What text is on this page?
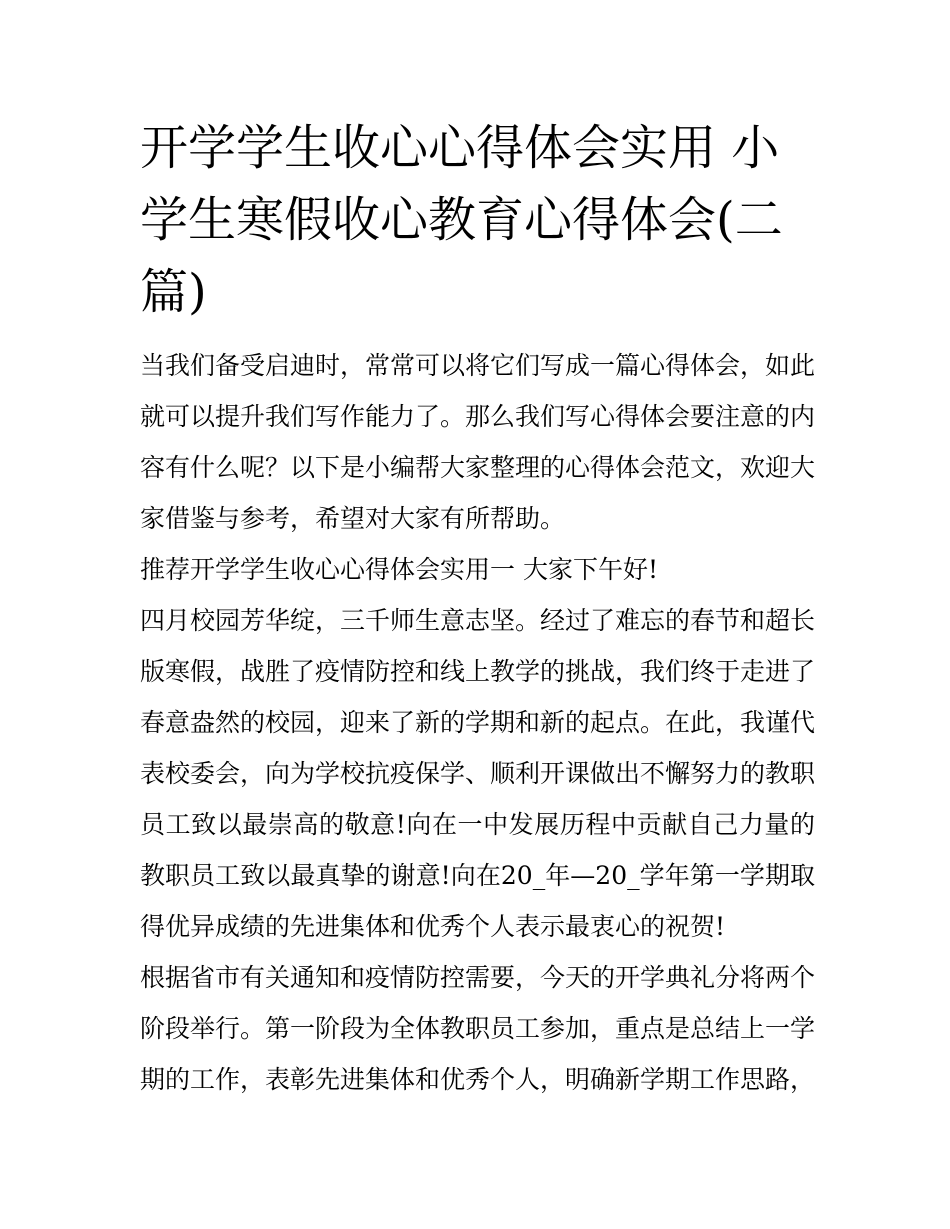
开学学生收心心得体会实用 小学生寒假收心教育心得体会(二篇)

当我们备受启迪时，常常可以将它们写成一篇心得体会，如此就可以提升我们写作能力了。那么我们写心得体会要注意的内容有什么呢？以下是小编帮大家整理的心得体会范文，欢迎大家借鉴与参考，希望对大家有所帮助。

推荐开学学生收心心得体会实用一 大家下午好!

四月校园芳华绽，三千师生意志坚。经过了难忘的春节和超长版寒假，战胜了疫情防控和线上教学的挑战，我们终于走进了春意盎然的校园，迎来了新的学期和新的起点。在此，我谨代表校委会，向为学校抗疫保学、顺利开课做出不懈努力的教职员工致以最崇高的敬意!向在一中发展历程中贡献自己力量的教职员工致以最真挚的谢意!向在20_年—20_学年第一学期取得优异成绩的先进集体和优秀个人表示最衷心的祝贺!

根据省市有关通知和疫情防控需要，今天的开学典礼分将两个阶段举行。第一阶段为全体教职员工参加，重点是总结上一学期的工作，表彰先进集体和优秀个人，明确新学期工作思路，
